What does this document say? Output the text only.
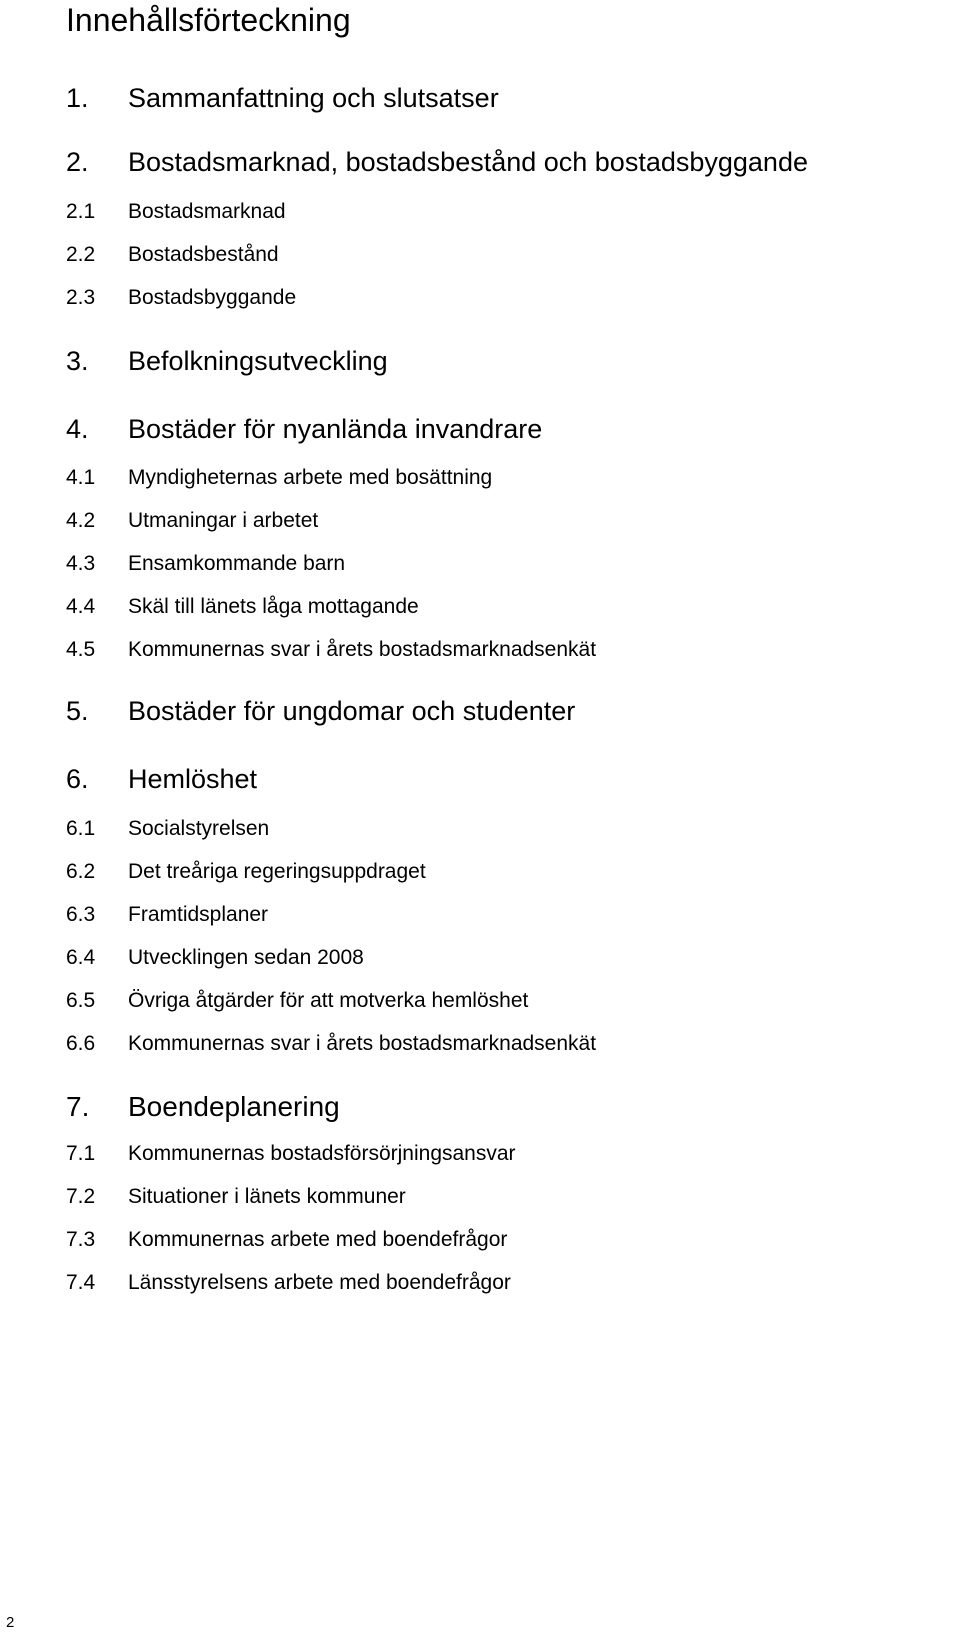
Innehållsförteckning
1. Sammanfattning och slutsatser
2. Bostadsmarknad, bostadsbestånd och bostadsbyggande
2.1 Bostadsmarknad
2.2 Bostadsbestånd
2.3 Bostadsbyggande
3. Befolkningsutveckling
4. Bostäder för nyanlända invandrare
4.1 Myndigheternas arbete med bosättning
4.2 Utmaningar i arbetet
4.3 Ensamkommande barn
4.4 Skäl till länets låga mottagande
4.5 Kommunernas svar i årets bostadsmarknadsenkät
5. Bostäder för ungdomar och studenter
6. Hemlöshet
6.1 Socialstyrelsen
6.2 Det treåriga regeringsuppdraget
6.3 Framtidsplaner
6.4 Utvecklingen sedan 2008
6.5 Övriga åtgärder för att motverka hemlöshet
6.6 Kommunernas svar i årets bostadsmarknadsenkät
7. Boendeplanering
7.1 Kommunernas bostadsförsörjningsansvar
7.2 Situationer i länets kommuner
7.3 Kommunernas arbete med boendefrågor
7.4 Länsstyrelsens arbete med boendefrågor
2
